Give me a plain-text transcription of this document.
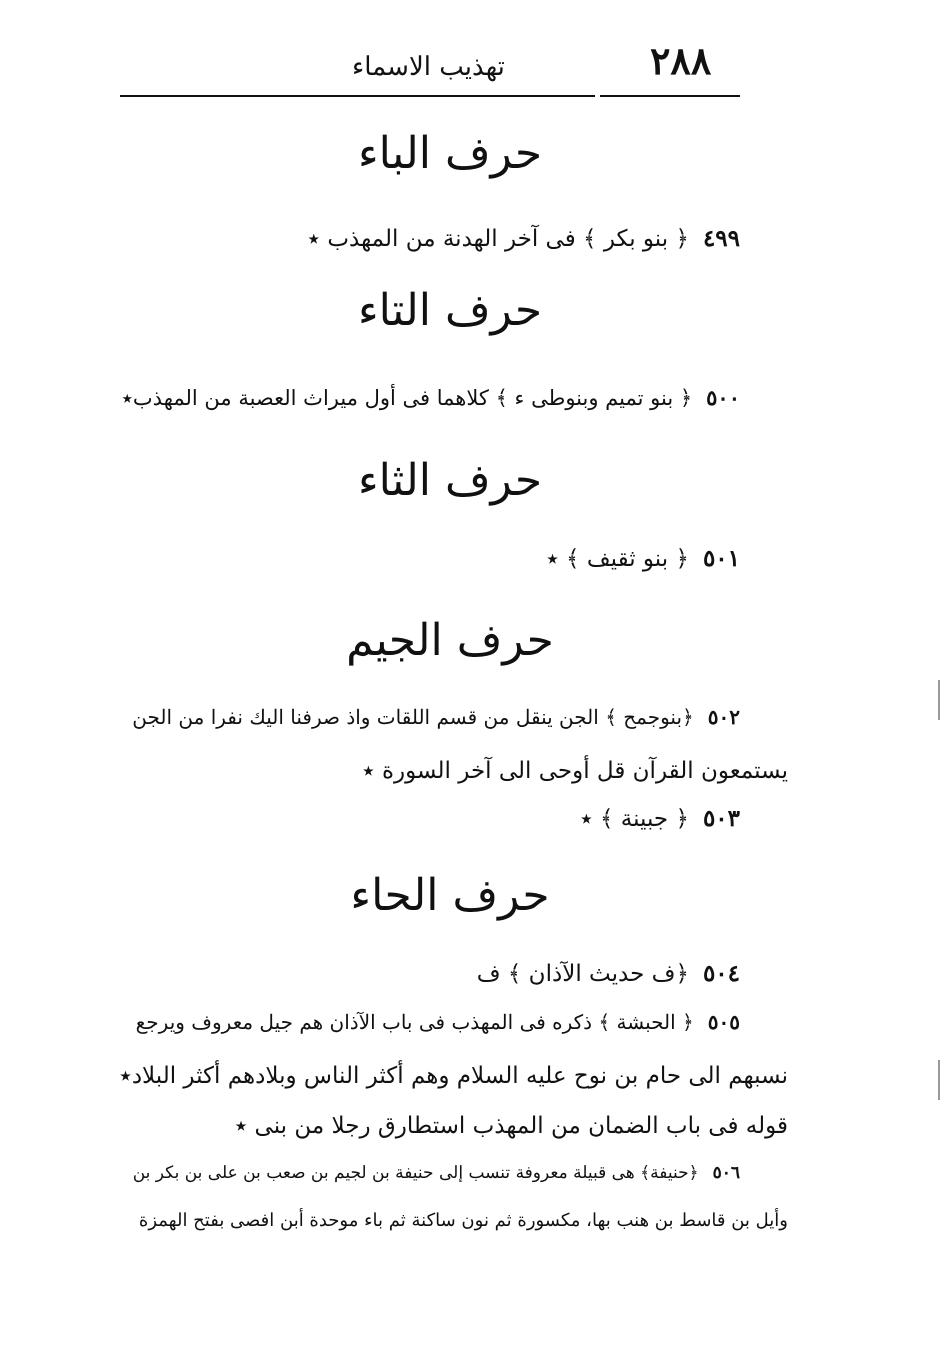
٢٨٨
تهذيب الاسماء
حرف الباء
٤٩٩﴿ بنو بكر ﴾ فى آخر الهدنة من المهذب ٭
حرف التاء
٥٠٠﴿ بنو تميم وبنوطى ء ﴾ كلاهما فى أول ميراث العصبة من المهذب٭
حرف الثاء
٥٠١﴿ بنو ثقيف ﴾ ٭
حرف الجيم
٥٠٢﴿بنوجمح ﴾ الجن ينقل من قسم اللقات واذ صرفنا اليك نفرا من الجن
يستمعون القرآن قل أوحى الى آخر السورة ٭
٥٠٣﴿ جبينة ﴾ ٭
حرف الحاء
٥٠٤﴿ف حديث الآذان ﴾ ف
٥٠٥﴿ الحبشة ﴾ ذكره فى المهذب فى باب الآذان هم جيل معروف ويرجع
نسبهم الى حام بن نوح عليه السلام وهم أكثر الناس وبلادهم أكثر البلاد٭
قوله فى باب الضمان من المهذب استطارق رجلا من بنى ٭
٥٠٦﴿حنيفة﴾ هى قبيلة معروفة تنسب إلى حنيفة بن لجيم بن صعب بن على بن بكر بن
وأيل بن قاسط بن هنب بها، مكسورة ثم نون ساكنة ثم باء موحدة أبن افصى بفتح الهمزة
